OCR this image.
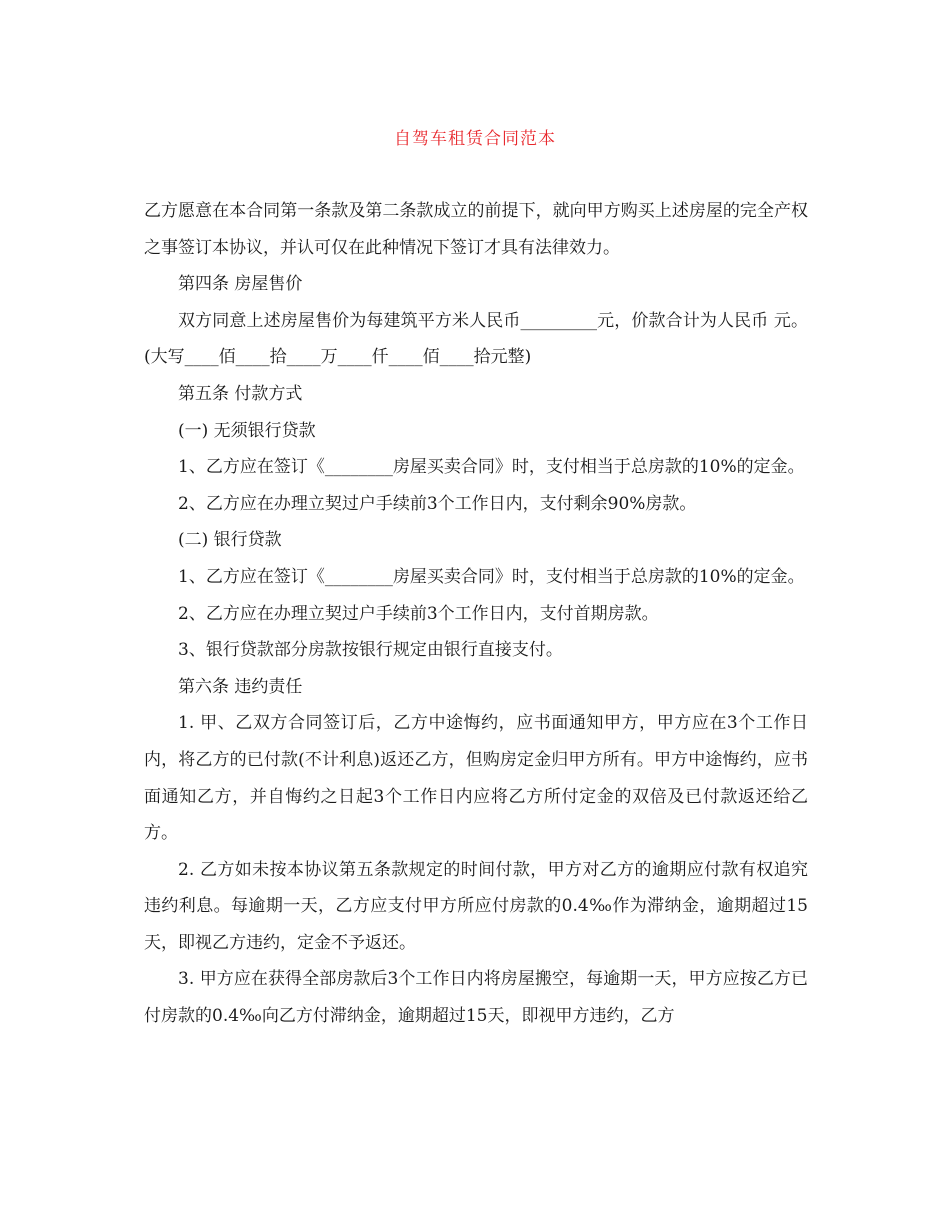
自驾车租赁合同范本

乙方愿意在本合同第一条款及第二条款成立的前提下，就向甲方购买上述房屋的完全产权之事签订本协议，并认可仅在此种情况下签订才具有法律效力。

第四条 房屋售价

双方同意上述房屋售价为每建筑平方米人民币_________元，价款合计为人民币 元。(大写____佰____拾____万____仟____佰____拾元整)

第五条 付款方式

(一) 无须银行贷款

1、乙方应在签订《________房屋买卖合同》时，支付相当于总房款的10%的定金。

2、乙方应在办理立契过户手续前3个工作日内，支付剩余90%房款。

(二) 银行贷款

1、乙方应在签订《________房屋买卖合同》时，支付相当于总房款的10%的定金。

2、乙方应在办理立契过户手续前3个工作日内，支付首期房款。

3、银行贷款部分房款按银行规定由银行直接支付。

第六条 违约责任

1. 甲、乙双方合同签订后，乙方中途悔约，应书面通知甲方，甲方应在3个工作日内，将乙方的已付款(不计利息)返还乙方，但购房定金归甲方所有。甲方中途悔约，应书面通知乙方，并自悔约之日起3个工作日内应将乙方所付定金的双倍及已付款返还给乙方。

2. 乙方如未按本协议第五条款规定的时间付款，甲方对乙方的逾期应付款有权追究违约利息。每逾期一天，乙方应支付甲方所应付房款的0.4‰作为滞纳金，逾期超过15天，即视乙方违约，定金不予返还。

3. 甲方应在获得全部房款后3个工作日内将房屋搬空，每逾期一天，甲方应按乙方已付房款的0.4‰向乙方付滞纳金，逾期超过15天，即视甲方违约，乙方
